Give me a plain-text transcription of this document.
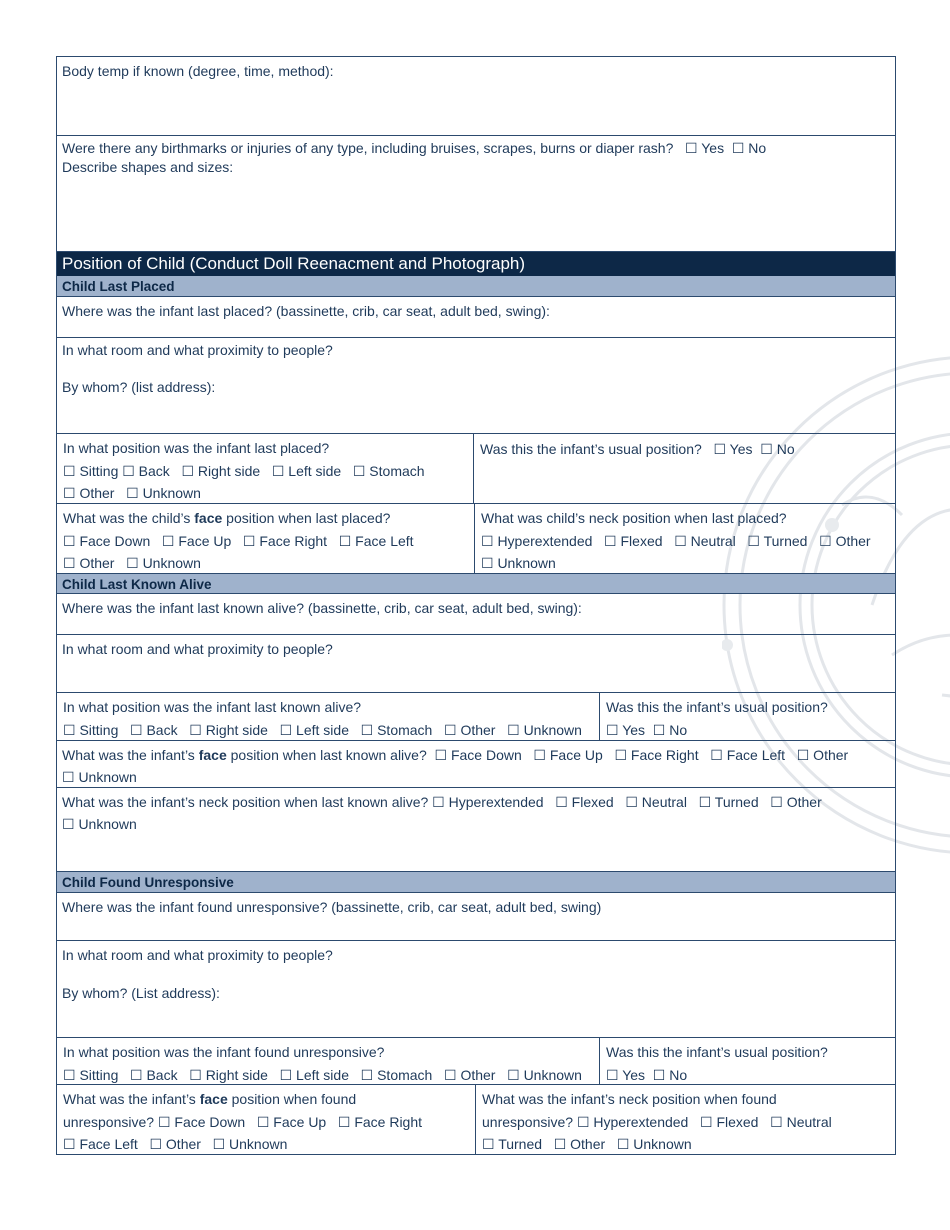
Body temp if known (degree, time, method):
Were there any birthmarks or injuries of any type, including bruises, scrapes, burns or diaper rash? ☐ Yes ☐ No
Describe shapes and sizes:
Position of Child (Conduct Doll Reenacment and Photograph)
Child Last Placed
Where was the infant last placed? (bassinette, crib, car seat, adult bed, swing):
In what room and what proximity to people?
By whom? (list address):
In what position was the infant last placed?
☐ Sitting ☐ Back   ☐ Right side   ☐ Left side   ☐ Stomach
☐ Other   ☐ Unknown
Was this the infant’s usual position? ☐ Yes  ☐ No
What was the child’s face position when last placed?
☐ Face Down   ☐ Face Up   ☐ Face Right   ☐ Face Left
☐ Other   ☐ Unknown
What was child’s neck position when last placed?
☐ Hyperextended   ☐ Flexed   ☐ Neutral   ☐ Turned   ☐ Other
☐ Unknown
Child Last Known Alive
Where was the infant last known alive? (bassinette, crib, car seat, adult bed, swing):
In what room and what proximity to people?
In what position was the infant last known alive?
☐ Sitting   ☐ Back   ☐ Right side   ☐ Left side   ☐ Stomach   ☐ Other   ☐ Unknown
Was this the infant’s usual position?
☐ Yes  ☐ No
What was the infant’s face position when last known alive?  ☐ Face Down   ☐ Face Up   ☐ Face Right   ☐ Face Left   ☐ Other
☐ Unknown
What was the infant’s neck position when last known alive? ☐ Hyperextended   ☐ Flexed   ☐ Neutral   ☐ Turned   ☐ Other
☐ Unknown
Child Found Unresponsive
Where was the infant found unresponsive? (bassinette, crib, car seat, adult bed, swing)
In what room and what proximity to people?
By whom? (List address):
In what position was the infant found unresponsive?
☐ Sitting   ☐ Back   ☐ Right side   ☐ Left side   ☐ Stomach   ☐ Other   ☐ Unknown
Was this the infant’s usual position?
☐ Yes  ☐ No
What was the infant’s face position when found
unresponsive? ☐ Face Down   ☐ Face Up   ☐ Face Right
☐ Face Left   ☐ Other   ☐ Unknown
What was the infant’s neck position when found
unresponsive? ☐ Hyperextended   ☐ Flexed   ☐ Neutral
☐ Turned   ☐ Other   ☐ Unknown
